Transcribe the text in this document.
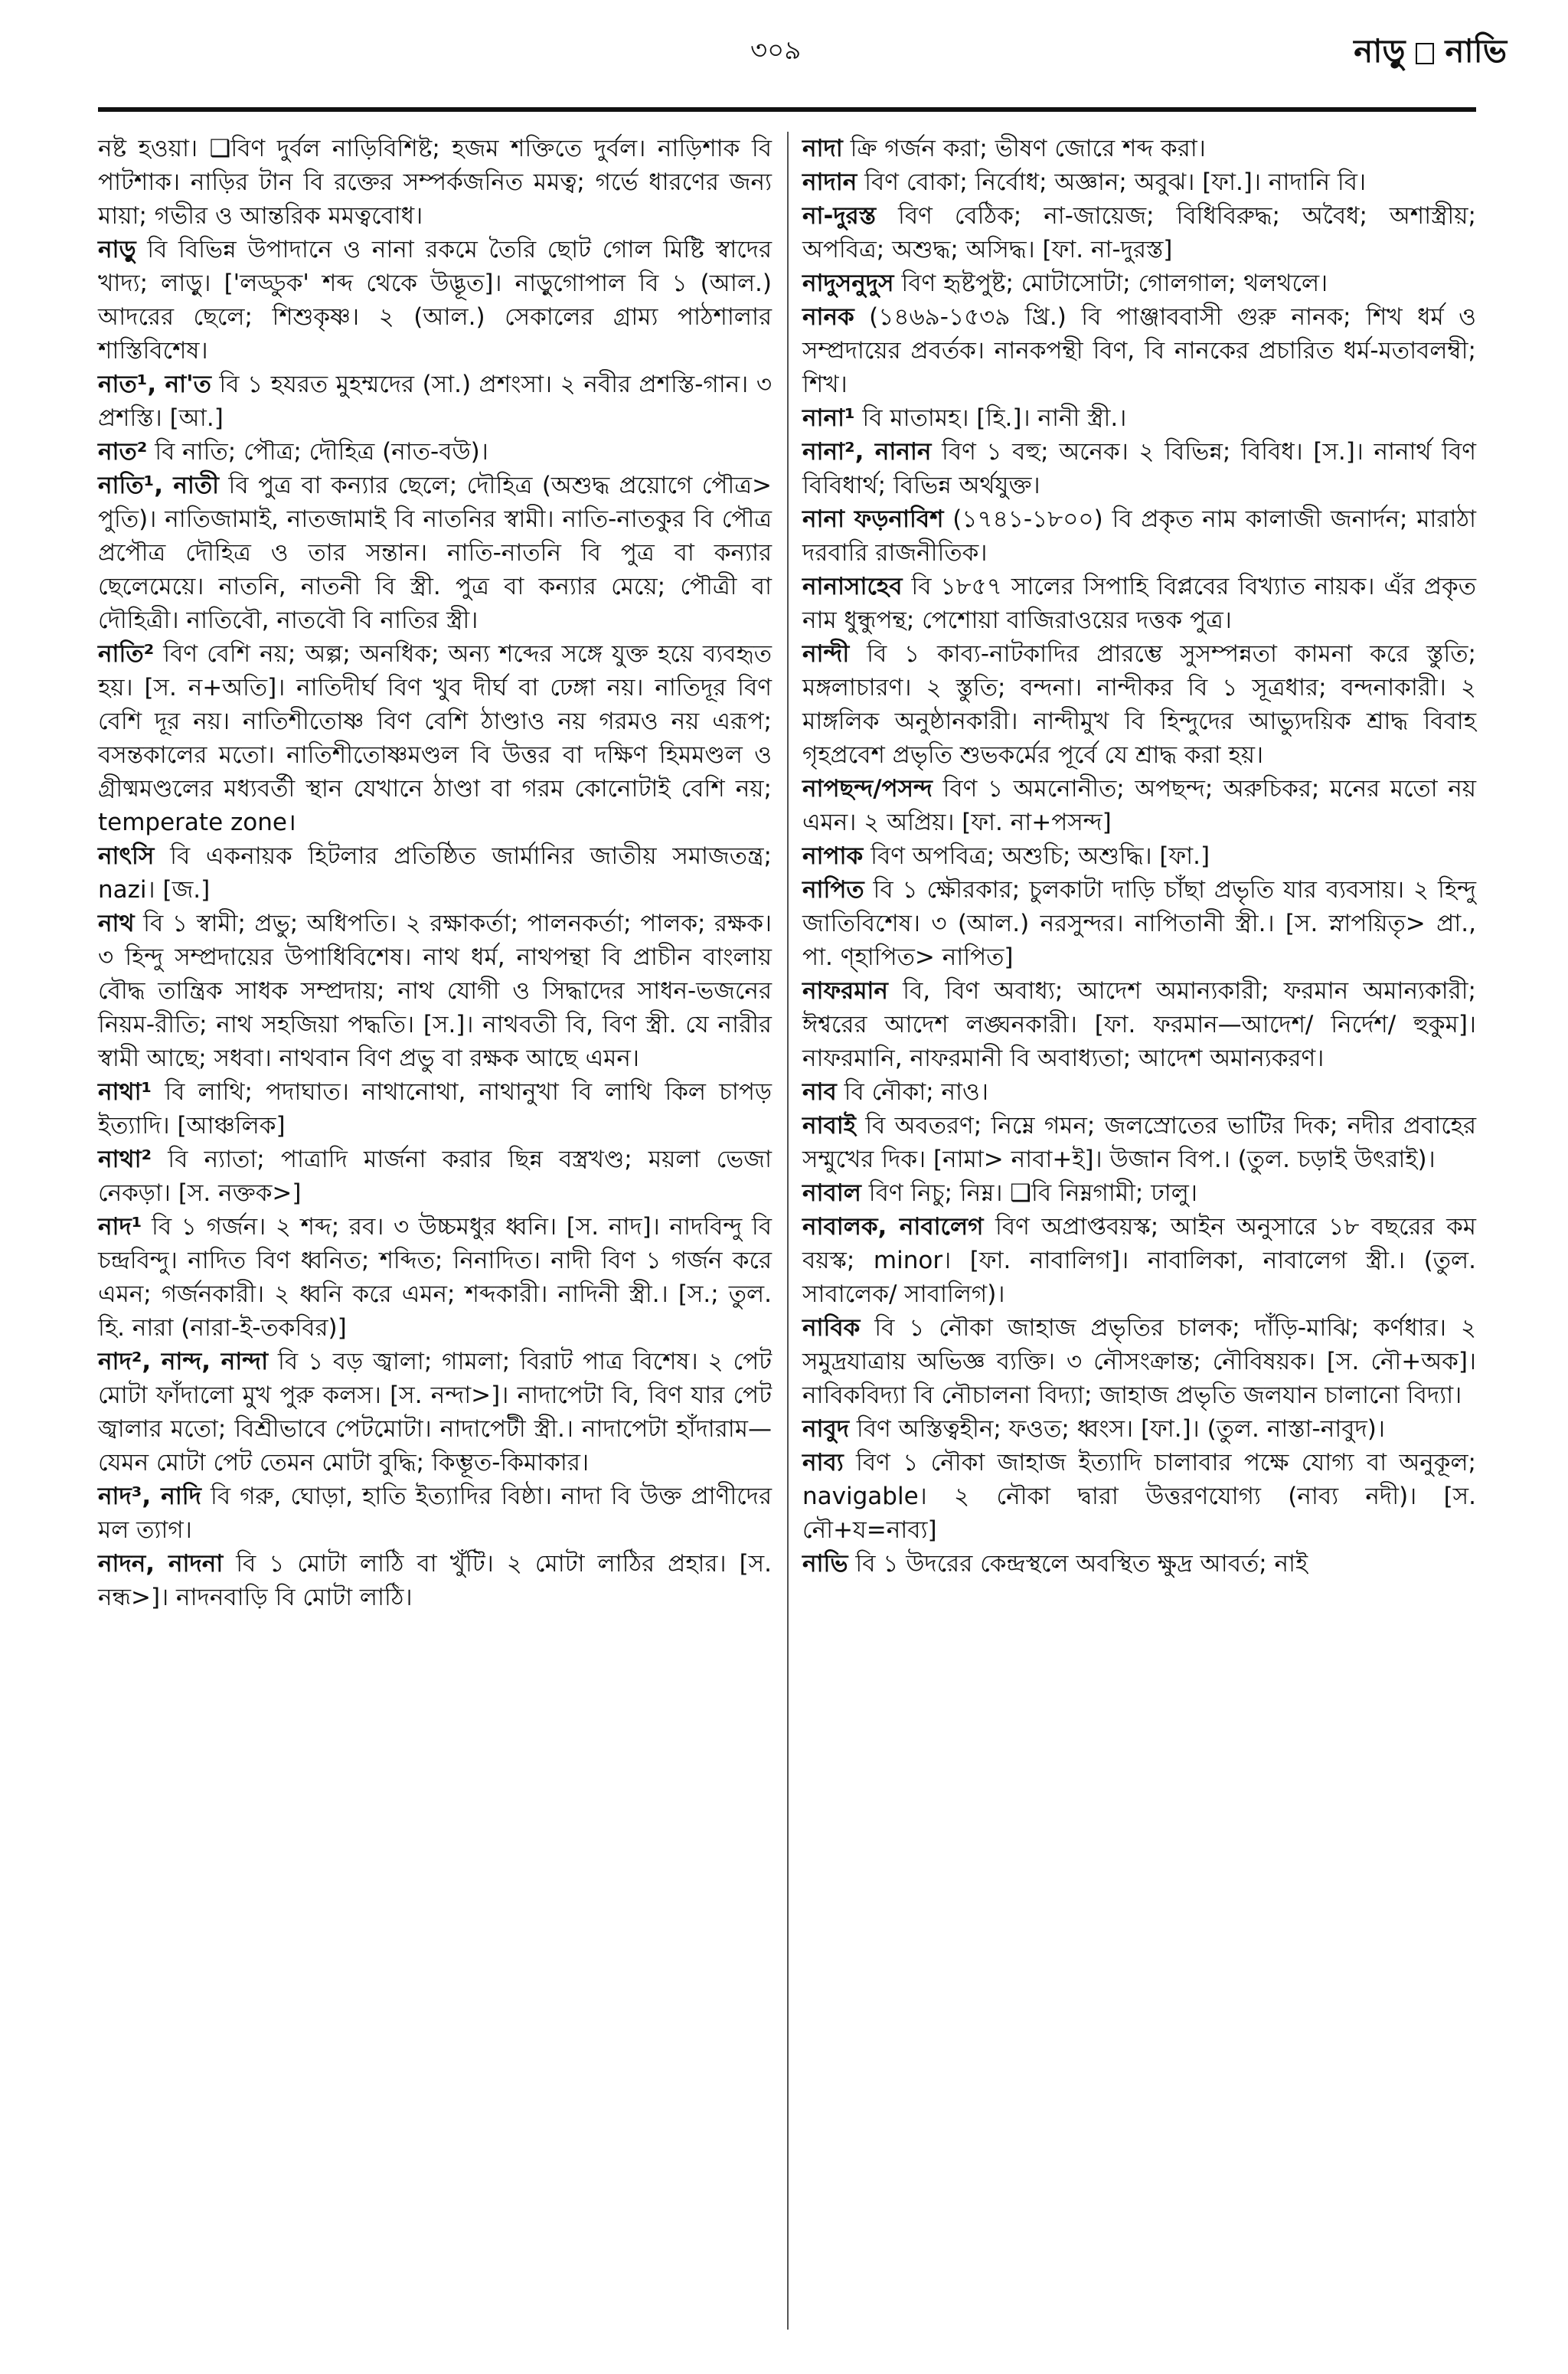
৩০৯	নাড়ু নাভি

নষ্ট হওয়া। ❑বিণ দুর্বল নাড়িবিশিষ্ট; হজম শক্তিতে দুর্বল। নাড়িশাক বি পাটশাক। নাড়ির টান বি রক্তের সম্পর্কজনিত মমত্ব; গর্ভে ধারণের জন্য মায়া; গভীর ও আন্তরিক মমত্ববোধ।

নাড়ু বি বিভিন্ন উপাদানে ও নানা রকমে তৈরি ছোট গোল মিষ্টি স্বাদের খাদ্য; লাড়ু। ['লড্ডুক' শব্দ থেকে উদ্ভূত]। নাড়ুগোপাল বি ১ (আল.) আদরের ছেলে; শিশুকৃষ্ণ। ২ (আল.) সেকালের গ্রাম্য পাঠশালার শাস্তিবিশেষ।

নাত¹, না'ত বি ১ হযরত মুহম্মদের (সা.) প্রশংসা। ২ নবীর প্রশস্তি-গান। ৩ প্রশস্তি। [আ.]

নাত² বি নাতি; পৌত্র; দৌহিত্র (নাত-বউ)।

নাতি¹, নাতী বি পুত্র বা কন্যার ছেলে; দৌহিত্র (অশুদ্ধ প্রয়োগে পৌত্র> পুতি)। নাতিজামাই, নাতজামাই বি নাতনির স্বামী। নাতি-নাতকুর বি পৌত্র প্রপৌত্র দৌহিত্র ও তার সন্তান। নাতি-নাতনি বি পুত্র বা কন্যার ছেলেমেয়ে। নাতনি, নাতনী বি স্ত্রী. পুত্র বা কন্যার মেয়ে; পৌত্রী বা দৌহিত্রী। নাতিবৌ, নাতবৌ বি নাতির স্ত্রী।

নাতি² বিণ বেশি নয়; অল্প; অনধিক; অন্য শব্দের সঙ্গে যুক্ত হয়ে ব্যবহৃত হয়। [স. ন+অতি]। নাতিদীর্ঘ বিণ খুব দীর্ঘ বা ঢেঙ্গা নয়। নাতিদূর বিণ বেশি দূর নয়। নাতিশীতোষ্ণ বিণ বেশি ঠাণ্ডাও নয় গরমও নয় এরূপ; বসন্তকালের মতো। নাতিশীতোষ্ণমণ্ডল বি উত্তর বা দক্ষিণ হিমমণ্ডল ও গ্রীষ্মমণ্ডলের মধ্যবর্তী স্থান যেখানে ঠাণ্ডা বা গরম কোনোটাই বেশি নয়; temperate zone।

নাৎসি বি একনায়ক হিটলার প্রতিষ্ঠিত জার্মানির জাতীয় সমাজতন্ত্র; nazi। [জ.]

নাথ বি ১ স্বামী; প্রভু; অধিপতি। ২ রক্ষাকর্তা; পালনকর্তা; পালক; রক্ষক। ৩ হিন্দু সম্প্রদায়ের উপাধিবিশেষ। নাথ ধর্ম, নাথপন্থা বি প্রাচীন বাংলায় বৌদ্ধ তান্ত্রিক সাধক সম্প্রদায়; নাথ যোগী ও সিদ্ধাদের সাধন-ভজনের নিয়ম-রীতি; নাথ সহজিয়া পদ্ধতি। [স.]। নাথবতী বি, বিণ স্ত্রী. যে নারীর স্বামী আছে; সধবা। নাথবান বিণ প্রভু বা রক্ষক আছে এমন।

নাথা¹ বি লাথি; পদাঘাত। নাথানোথা, নাথানুখা বি লাথি কিল চাপড় ইত্যাদি। [আঞ্চলিক]

নাথা² বি ন্যাতা; পাত্রাদি মার্জনা করার ছিন্ন বস্ত্রখণ্ড; ময়লা ভেজা নেকড়া। [স. নক্তক>]

নাদ¹ বি ১ গর্জন। ২ শব্দ; রব। ৩ উচ্চমধুর ধ্বনি। [স. নাদ]। নাদবিন্দু বি চন্দ্রবিন্দু। নাদিত বিণ ধ্বনিত; শব্দিত; নিনাদিত। নাদী বিণ ১ গর্জন করে এমন; গর্জনকারী। ২ ধ্বনি করে এমন; শব্দকারী। নাদিনী স্ত্রী.। [স.; তুল. হি. নারা (নারা-ই-তকবির)]

নাদ², নান্দ, নান্দা বি ১ বড় জ্বালা; গামলা; বিরাট পাত্র বিশেষ। ২ পেট মোটা ফাঁদালো মুখ পুরু কলস। [স. নন্দা>]। নাদাপেটা বি, বিণ যার পেট জ্বালার মতো; বিশ্রীভাবে পেটমোটা। নাদাপেটী স্ত্রী.। নাদাপেটা হাঁদারাম—যেমন মোটা পেট তেমন মোটা বুদ্ধি; কিম্ভূত-কিমাকার।

নাদ³, নাদি বি গরু, ঘোড়া, হাতি ইত্যাদির বিষ্ঠা। নাদা বি উক্ত প্রাণীদের মল ত্যাগ।

নাদন, নাদনা বি ১ মোটা লাঠি বা খুঁটি। ২ মোটা লাঠির প্রহার। [স. নন্ধ>]। নাদনবাড়ি বি মোটা লাঠি।

নাদা ক্রি গর্জন করা; ভীষণ জোরে শব্দ করা।

নাদান বিণ বোকা; নির্বোধ; অজ্ঞান; অবুঝ। [ফা.]। নাদানি বি।

না-দুরস্ত বিণ বেঠিক; না-জায়েজ; বিধিবিরুদ্ধ; অবৈধ; অশাস্ত্রীয়; অপবিত্র; অশুদ্ধ; অসিদ্ধ। [ফা. না-দুরস্ত]

নাদুসনুদুস বিণ হৃষ্টপুষ্ট; মোটাসোটা; গোলগাল; থলথলে।

নানক (১৪৬৯-১৫৩৯ খ্রি.) বি পাঞ্জাববাসী গুরু নানক; শিখ ধর্ম ও সম্প্রদায়ের প্রবর্তক। নানকপন্থী বিণ, বি নানকের প্রচারিত ধর্ম-মতাবলম্বী; শিখ।

নানা¹ বি মাতামহ। [হি.]। নানী স্ত্রী.।

নানা², নানান বিণ ১ বহু; অনেক। ২ বিভিন্ন; বিবিধ। [স.]। নানার্থ বিণ বিবিধার্থ; বিভিন্ন অর্থযুক্ত।

নানা ফড়নাবিশ (১৭৪১-১৮০০) বি প্রকৃত নাম কালাজী জনার্দন; মারাঠা দরবারি রাজনীতিক।

নানাসাহেব বি ১৮৫৭ সালের সিপাহি বিপ্লবের বিখ্যাত নায়ক। এঁর প্রকৃত নাম ধুন্ধুপন্থ; পেশোয়া বাজিরাওয়ের দত্তক পুত্র।

নান্দী বি ১ কাব্য-নাটকাদির প্রারম্ভে সুসম্পন্নতা কামনা করে স্তুতি; মঙ্গলাচারণ। ২ স্তুতি; বন্দনা। নান্দীকর বি ১ সূত্রধার; বন্দনাকারী। ২ মাঙ্গলিক অনুষ্ঠানকারী। নান্দীমুখ বি হিন্দুদের আভ্যুদয়িক শ্রাদ্ধ বিবাহ গৃহপ্রবেশ প্রভৃতি শুভকর্মের পূর্বে যে শ্রাদ্ধ করা হয়।

নাপছন্দ/পসন্দ বিণ ১ অমনোনীত; অপছন্দ; অরুচিকর; মনের মতো নয় এমন। ২ অপ্রিয়। [ফা. না+পসন্দ]

নাপাক বিণ অপবিত্র; অশুচি; অশুদ্ধি। [ফা.]

নাপিত বি ১ ক্ষৌরকার; চুলকাটা দাড়ি চাঁছা প্রভৃতি যার ব্যবসায়। ২ হিন্দু জাতিবিশেষ। ৩ (আল.) নরসুন্দর। নাপিতানী স্ত্রী.। [স. স্নাপয়িতৃ> প্রা., পা. ণ্হাপিত> নাপিত]

নাফরমান বি, বিণ অবাধ্য; আদেশ অমান্যকারী; ফরমান অমান্যকারী; ঈশ্বরের আদেশ লঙ্ঘনকারী। [ফা. ফরমান—আদেশ/ নির্দেশ/ হুকুম]। নাফরমানি, নাফরমানী বি অবাধ্যতা; আদেশ অমান্যকরণ।

নাব বি নৌকা; নাও।

নাবাই বি অবতরণ; নিম্নে গমন; জলস্রোতের ভাটির দিক; নদীর প্রবাহের সম্মুখের দিক। [নামা> নাবা+ই]। উজান বিপ.। (তুল. চড়াই উৎরাই)।

নাবাল বিণ নিচু; নিম্ন। ❑বি নিম্নগামী; ঢালু।

নাবালক, নাবালেগ বিণ অপ্রাপ্তবয়স্ক; আইন অনুসারে ১৮ বছরের কম বয়স্ক; minor। [ফা. নাবালিগ]। নাবালিকা, নাবালেগ স্ত্রী.। (তুল. সাবালেক/ সাবালিগ)।

নাবিক বি ১ নৌকা জাহাজ প্রভৃতির চালক; দাঁড়ি-মাঝি; কর্ণধার। ২ সমুদ্রযাত্রায় অভিজ্ঞ ব্যক্তি। ৩ নৌসংক্রান্ত; নৌবিষয়ক। [স. নৌ+অক]। নাবিকবিদ্যা বি নৌচালনা বিদ্যা; জাহাজ প্রভৃতি জলযান চালানো বিদ্যা।

নাবুদ বিণ অস্তিত্বহীন; ফওত; ধ্বংস। [ফা.]। (তুল. নাস্তা-নাবুদ)।

নাব্য বিণ ১ নৌকা জাহাজ ইত্যাদি চালাবার পক্ষে যোগ্য বা অনুকূল; navigable। ২ নৌকা দ্বারা উত্তরণযোগ্য (নাব্য নদী)। [স. নৌ+য=নাব্য]

নাভি বি ১ উদরের কেন্দ্রস্থলে অবস্থিত ক্ষুদ্র আবর্ত; নাই
